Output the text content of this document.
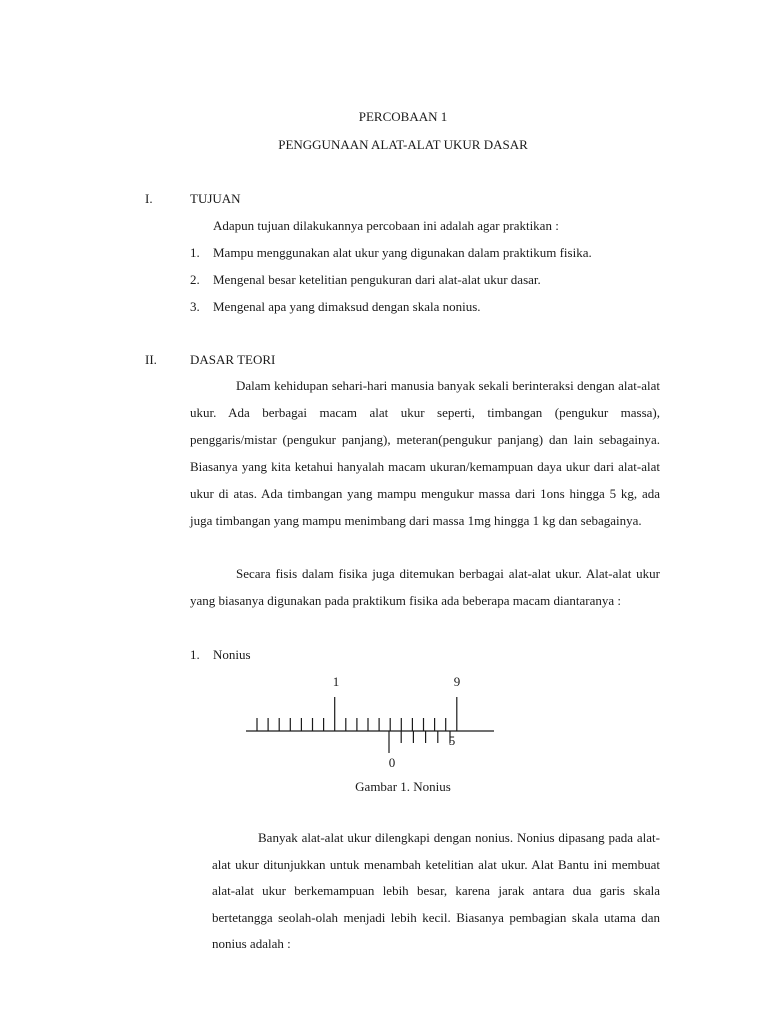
PERCOBAAN 1
PENGGUNAAN ALAT-ALAT UKUR DASAR
I.	TUJUAN
Adapun tujuan dilakukannya percobaan ini adalah agar praktikan :
1. Mampu menggunakan alat ukur yang digunakan dalam praktikum fisika.
2. Mengenal besar ketelitian pengukuran dari alat-alat ukur dasar.
3. Mengenal apa yang dimaksud dengan skala nonius.
II.	DASAR TEORI
Dalam kehidupan sehari-hari manusia banyak sekali berinteraksi dengan alat-alat ukur. Ada berbagai macam alat ukur seperti, timbangan (pengukur massa), penggaris/mistar (pengukur panjang), meteran(pengukur panjang) dan lain sebagainya. Biasanya yang kita ketahui hanyalah macam ukuran/kemampuan daya ukur dari alat-alat ukur di atas. Ada timbangan yang mampu mengukur massa dari 1ons hingga 5 kg, ada juga timbangan yang mampu menimbang dari massa 1mg hingga 1 kg dan sebagainya.
Secara fisis dalam fisika juga ditemukan berbagai alat-alat ukur. Alat-alat ukur yang biasanya digunakan pada praktikum fisika ada beberapa macam diantaranya :
1. Nonius
1	9
0
5
Gambar 1. Nonius
Banyak alat-alat ukur dilengkapi dengan nonius. Nonius dipasang pada alat-alat ukur ditunjukkan untuk menambah ketelitian alat ukur. Alat Bantu ini membuat alat-alat ukur berkemampuan lebih besar, karena jarak antara dua garis skala bertetangga seolah-olah menjadi lebih kecil. Biasanya pembagian skala utama dan nonius adalah :
